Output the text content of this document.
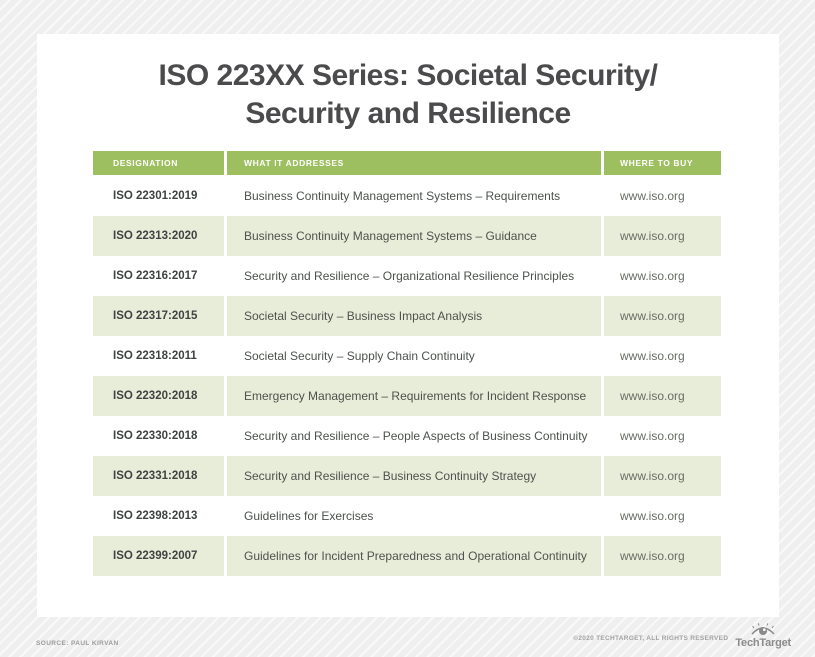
ISO 223XX Series: Societal Security/
Security and Resilience
DESIGNATION	WHAT IT ADDRESSES	WHERE TO BUY
ISO 22301:2019	Business Continuity Management Systems – Requirements	www.iso.org
ISO 22313:2020	Business Continuity Management Systems – Guidance	www.iso.org
ISO 22316:2017	Security and Resilience – Organizational Resilience Principles	www.iso.org
ISO 22317:2015	Societal Security – Business Impact Analysis	www.iso.org
ISO 22318:2011	Societal Security – Supply Chain Continuity	www.iso.org
ISO 22320:2018	Emergency Management – Requirements for Incident Response	www.iso.org
ISO 22330:2018	Security and Resilience – People Aspects of Business Continuity	www.iso.org
ISO 22331:2018	Security and Resilience – Business Continuity Strategy	www.iso.org
ISO 22398:2013	Guidelines for Exercises	www.iso.org
ISO 22399:2007	Guidelines for Incident Preparedness and Operational Continuity	www.iso.org
SOURCE: PAUL KIRVAN
©2020 TECHTARGET, ALL RIGHTS RESERVED TechTarget
